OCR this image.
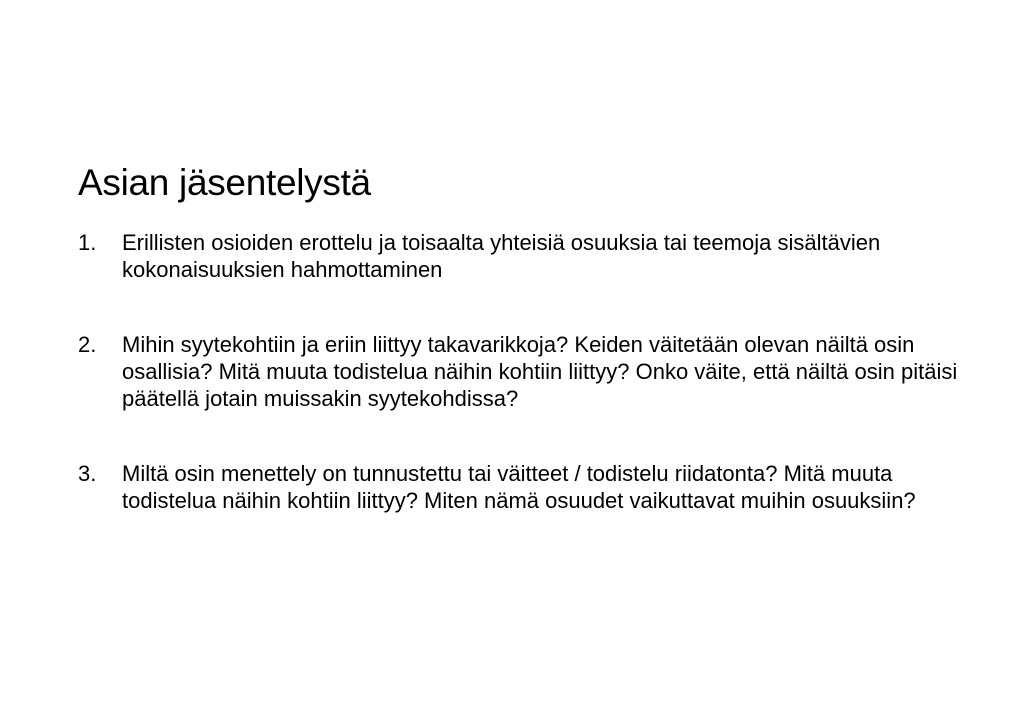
Asian jäsentelystä
1. Erillisten osioiden erottelu ja toisaalta yhteisiä osuuksia tai teemoja sisältävien kokonaisuuksien hahmottaminen
2. Mihin syytekohtiin ja eriin liittyy takavarikkoja? Keiden väitetään olevan näiltä osin osallisia? Mitä muuta todistelua näihin kohtiin liittyy? Onko väite, että näiltä osin pitäisi päätellä jotain muissakin syytekohdissa?
3. Miltä osin menettely on tunnustettu tai väitteet / todistelu riidatonta? Mitä muuta todistelua näihin kohtiin liittyy? Miten nämä osuudet vaikuttavat muihin osuuksiin?
